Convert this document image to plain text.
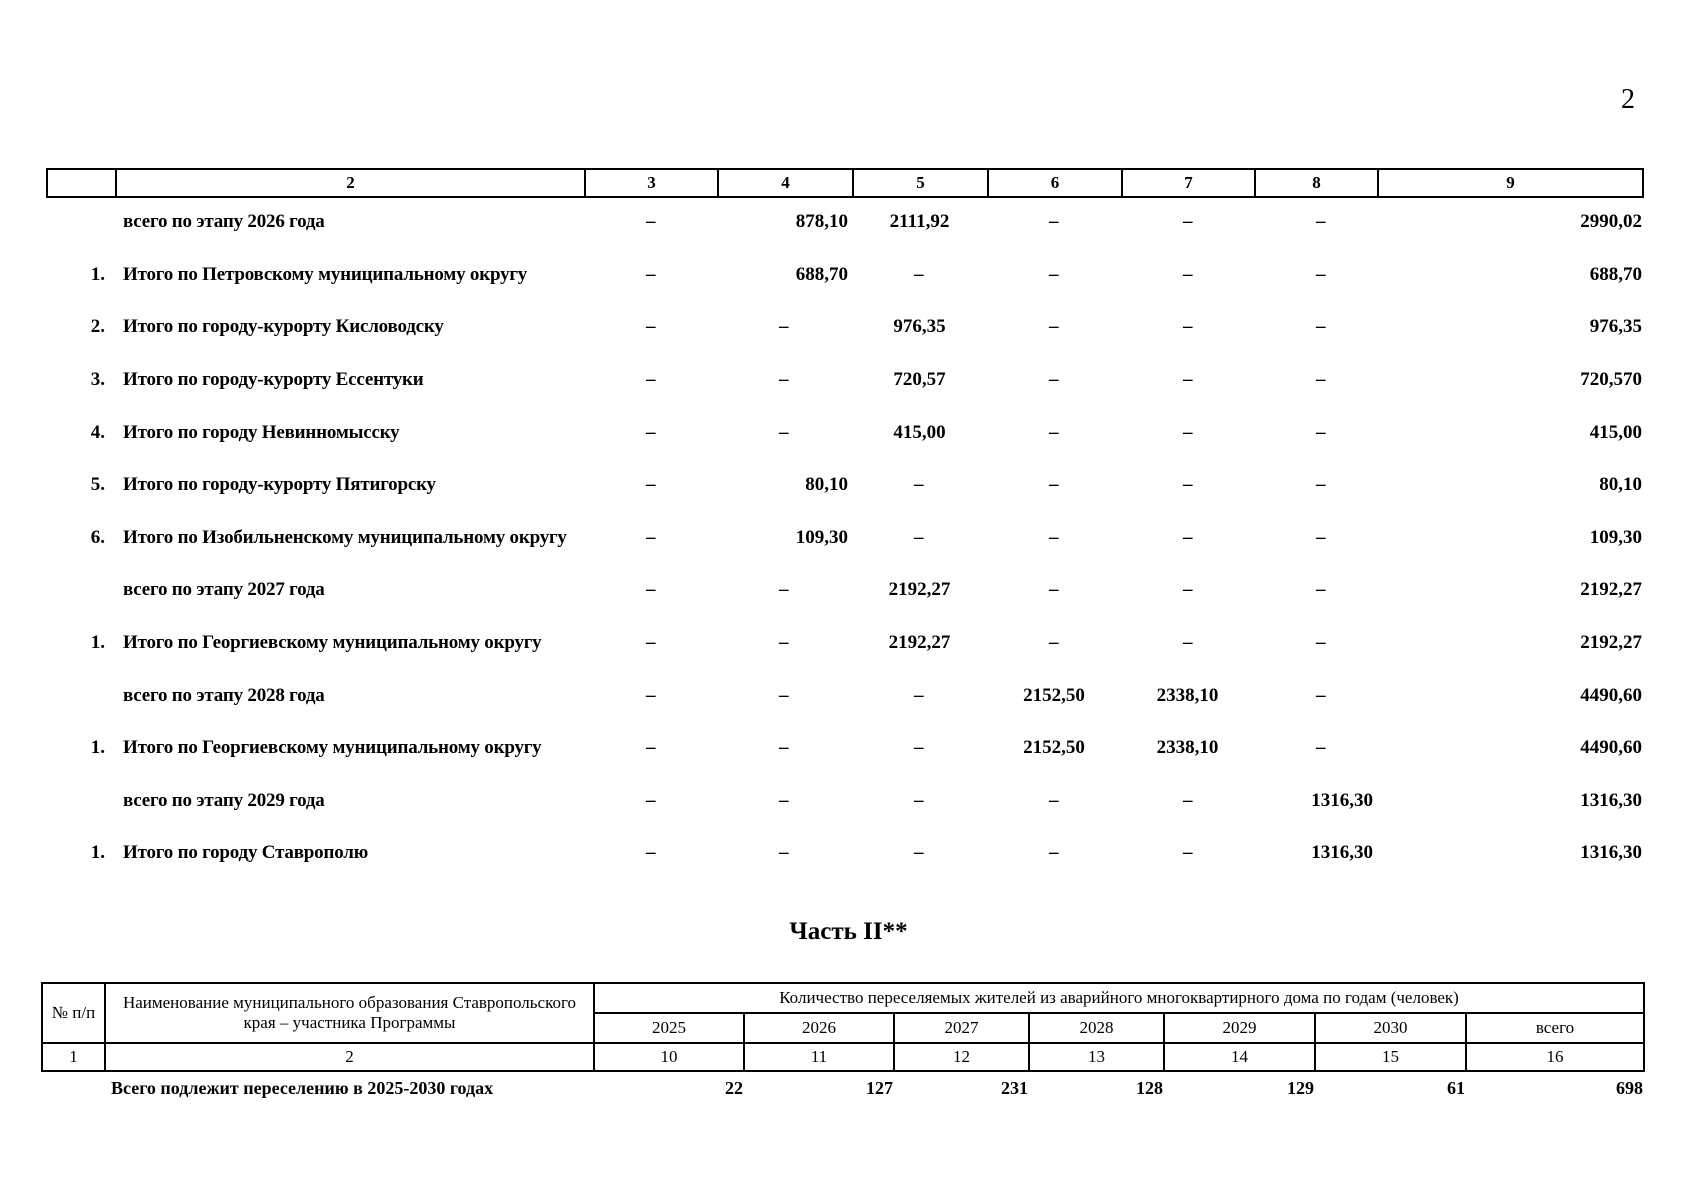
2
	2	3	4	5	6	7	8	9
	всего по этапу 2026 года	–	878,10	2111,92	–	–	–	2990,02
1.	Итого по Петровскому муниципальному округу	–	688,70	–	–	–	–	688,70
2.	Итого по городу-курорту Кисловодску	–	–	976,35	–	–	–	976,35
3.	Итого по городу-курорту Ессентуки	–	–	720,57	–	–	–	720,570
4.	Итого по городу Невинномысску	–	–	415,00	–	–	–	415,00
5.	Итого по городу-курорту Пятигорску	–	80,10	–	–	–	–	80,10
6.	Итого по Изобильненскому муниципальному округу	–	109,30	–	–	–	–	109,30
	всего по этапу 2027 года	–	–	2192,27	–	–	–	2192,27
1.	Итого по Георгиевскому муниципальному округу	–	–	2192,27	–	–	–	2192,27
	всего по этапу 2028 года	–	–	–	2152,50	2338,10	–	4490,60
1.	Итого по Георгиевскому муниципальному округу	–	–	–	2152,50	2338,10	–	4490,60
	всего по этапу 2029 года	–	–	–	–	–	1316,30	1316,30
1.	Итого по городу Ставрополю	–	–	–	–	–	1316,30	1316,30
Часть II**
№ п/п	Наименование муниципального образования Ставропольского края – участника Программы	Количество переселяемых жителей из аварийного многоквартирного дома по годам (человек)						
		2025	2026	2027	2028	2029	2030	всего
1	2	10	11	12	13	14	15	16
Всего подлежит переселению в 2025-2030 годах	22	127	231	128	129	61	698
